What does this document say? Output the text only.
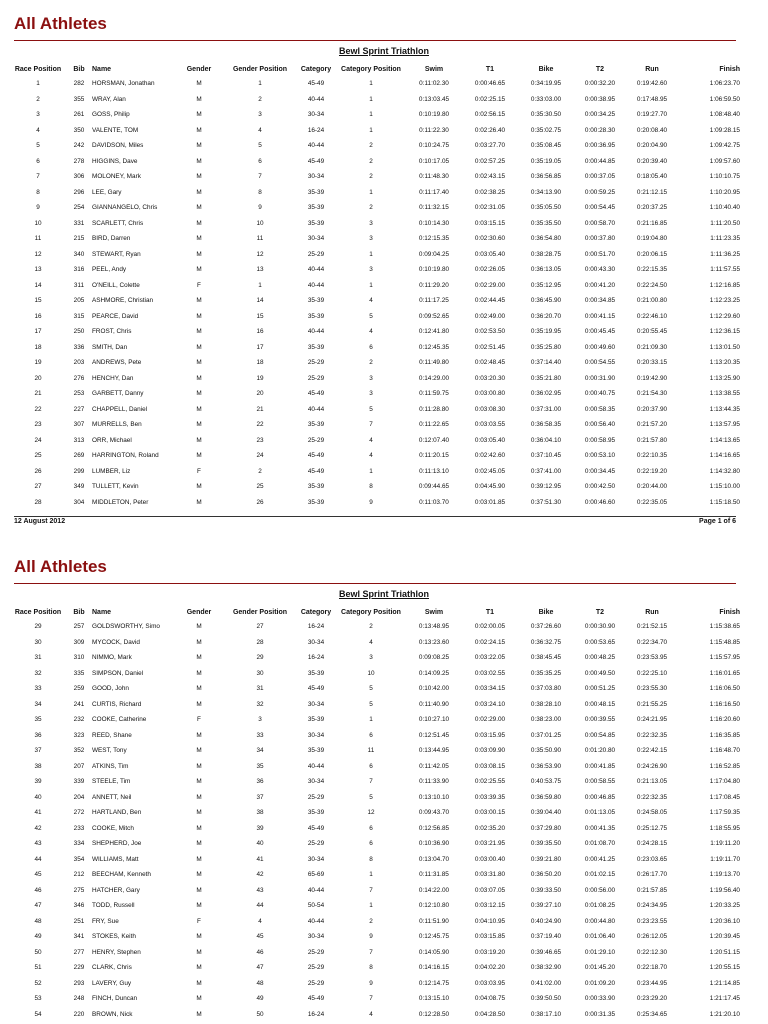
All Athletes
Bewl Sprint Triathlon
Race Position	Bib	Name	Gender	Gender Position	Category	Category Position	Swim	T1	Bike	T2	Run	Finish
1	282	HORSMAN, Jonathan	M	1	45-49	1	0:11:02.30	0:00:46.65	0:34:19.95	0:00:32.20	0:19:42.60	1:06:23.70
2	355	WRAY, Alan	M	2	40-44	1	0:13:03.45	0:02:25.15	0:33:03.00	0:00:38.95	0:17:48.95	1:06:59.50
3	261	GOSS, Philip	M	3	30-34	1	0:10:19.80	0:02:56.15	0:35:30.50	0:00:34.25	0:19:27.70	1:08:48.40
4	350	VALENTE, TOM	M	4	16-24	1	0:11:22.30	0:02:26.40	0:35:02.75	0:00:28.30	0:20:08.40	1:09:28.15
5	242	DAVIDSON, Miles	M	5	40-44	2	0:10:24.75	0:03:27.70	0:35:08.45	0:00:36.95	0:20:04.90	1:09:42.75
6	278	HIGGINS, Dave	M	6	45-49	2	0:10:17.05	0:02:57.25	0:35:19.05	0:00:44.85	0:20:39.40	1:09:57.60
7	306	MOLONEY, Mark	M	7	30-34	2	0:11:48.30	0:02:43.15	0:36:56.85	0:00:37.05	0:18:05.40	1:10:10.75
8	296	LEE, Gary	M	8	35-39	1	0:11:17.40	0:02:38.25	0:34:13.90	0:00:59.25	0:21:12.15	1:10:20.95
9	254	GIANNANGELO, Chris	M	9	35-39	2	0:11:32.15	0:02:31.05	0:35:05.50	0:00:54.45	0:20:37.25	1:10:40.40
10	331	SCARLETT, Chris	M	10	35-39	3	0:10:14.30	0:03:15.15	0:35:35.50	0:00:58.70	0:21:16.85	1:11:20.50
11	215	BIRD, Darren	M	11	30-34	3	0:12:15.35	0:02:30.60	0:36:54.80	0:00:37.80	0:19:04.80	1:11:23.35
12	340	STEWART, Ryan	M	12	25-29	1	0:09:04.25	0:03:05.40	0:38:28.75	0:00:51.70	0:20:06.15	1:11:36.25
13	316	PEEL, Andy	M	13	40-44	3	0:10:19.80	0:02:26.05	0:36:13.05	0:00:43.30	0:22:15.35	1:11:57.55
14	311	O'NEILL, Colette	F	1	40-44	1	0:11:29.20	0:02:29.00	0:35:12.95	0:00:41.20	0:22:24.50	1:12:16.85
15	205	ASHMORE, Christian	M	14	35-39	4	0:11:17.25	0:02:44.45	0:36:45.90	0:00:34.85	0:21:00.80	1:12:23.25
16	315	PEARCE, David	M	15	35-39	5	0:09:52.65	0:02:49.00	0:36:20.70	0:00:41.15	0:22:46.10	1:12:29.60
17	250	FROST, Chris	M	16	40-44	4	0:12:41.80	0:02:53.50	0:35:19.95	0:00:45.45	0:20:55.45	1:12:36.15
18	336	SMITH, Dan	M	17	35-39	6	0:12:45.35	0:02:51.45	0:35:25.80	0:00:49.60	0:21:09.30	1:13:01.50
19	203	ANDREWS, Pete	M	18	25-29	2	0:11:49.80	0:02:48.45	0:37:14.40	0:00:54.55	0:20:33.15	1:13:20.35
20	276	HENCHY, Dan	M	19	25-29	3	0:14:29.00	0:03:20.30	0:35:21.80	0:00:31.90	0:19:42.90	1:13:25.90
21	253	GARBETT, Danny	M	20	45-49	3	0:11:59.75	0:03:00.80	0:36:02.95	0:00:40.75	0:21:54.30	1:13:38.55
22	227	CHAPPELL, Daniel	M	21	40-44	5	0:11:28.80	0:03:08.30	0:37:31.00	0:00:58.35	0:20:37.90	1:13:44.35
23	307	MURRELLS, Ben	M	22	35-39	7	0:11:22.65	0:03:03.55	0:36:58.35	0:00:56.40	0:21:57.20	1:13:57.95
24	313	ORR, Michael	M	23	25-29	4	0:12:07.40	0:03:05.40	0:36:04.10	0:00:58.95	0:21:57.80	1:14:13.65
25	269	HARRINGTON, Roland	M	24	45-49	4	0:11:20.15	0:02:42.60	0:37:10.45	0:00:53.10	0:22:10.35	1:14:16.65
26	299	LUMBER, Liz	F	2	45-49	1	0:11:13.10	0:02:45.05	0:37:41.00	0:00:34.45	0:22:19.20	1:14:32.80
27	349	TULLETT, Kevin	M	25	35-39	8	0:09:44.65	0:04:45.90	0:39:12.95	0:00:42.50	0:20:44.00	1:15:10.00
28	304	MIDDLETON, Peter	M	26	35-39	9	0:11:03.70	0:03:01.85	0:37:51.30	0:00:46.60	0:22:35.05	1:15:18.50
12 August 2012	Page 1 of 6
All Athletes
Bewl Sprint Triathlon
Race Position	Bib	Name	Gender	Gender Position	Category	Category Position	Swim	T1	Bike	T2	Run	Finish
29	257	GOLDSWORTHY, Simo	M	27	16-24	2	0:13:48.95	0:02:00.05	0:37:26.60	0:00:30.90	0:21:52.15	1:15:38.65
30	309	MYCOCK, David	M	28	30-34	4	0:13:23.60	0:02:24.15	0:36:32.75	0:00:53.65	0:22:34.70	1:15:48.85
31	310	NIMMO, Mark	M	29	16-24	3	0:09:08.25	0:03:22.05	0:38:45.45	0:00:48.25	0:23:53.95	1:15:57.95
32	335	SIMPSON, Daniel	M	30	35-39	10	0:14:09.25	0:03:02.55	0:35:35.25	0:00:49.50	0:22:25.10	1:16:01.65
33	259	GOOD, John	M	31	45-49	5	0:10:42.00	0:03:34.15	0:37:03.80	0:00:51.25	0:23:55.30	1:16:06.50
34	241	CURTIS, Richard	M	32	30-34	5	0:11:40.90	0:03:24.10	0:38:28.10	0:00:48.15	0:21:55.25	1:16:16.50
35	232	COOKE, Catherine	F	3	35-39	1	0:10:27.10	0:02:29.00	0:38:23.00	0:00:39.55	0:24:21.95	1:16:20.60
36	323	REED, Shane	M	33	30-34	6	0:12:51.45	0:03:15.95	0:37:01.25	0:00:54.85	0:22:32.35	1:16:35.85
37	352	WEST, Tony	M	34	35-39	11	0:13:44.95	0:03:09.90	0:35:50.90	0:01:20.80	0:22:42.15	1:16:48.70
38	207	ATKINS, Tim	M	35	40-44	6	0:11:42.05	0:03:08.15	0:36:53.90	0:00:41.85	0:24:26.90	1:16:52.85
39	339	STEELE, Tim	M	36	30-34	7	0:11:33.90	0:02:25.55	0:40:53.75	0:00:58.55	0:21:13.05	1:17:04.80
40	204	ANNETT, Neil	M	37	25-29	5	0:13:10.10	0:03:39.35	0:36:59.80	0:00:46.85	0:22:32.35	1:17:08.45
41	272	HARTLAND, Ben	M	38	35-39	12	0:09:43.70	0:03:00.15	0:39:04.40	0:01:13.05	0:24:58.05	1:17:59.35
42	233	COOKE, Mitch	M	39	45-49	6	0:12:56.85	0:02:35.20	0:37:29.80	0:00:41.35	0:25:12.75	1:18:55.95
43	334	SHEPHERD, Joe	M	40	25-29	6	0:10:36.90	0:03:21.95	0:39:35.50	0:01:08.70	0:24:28.15	1:19:11.20
44	354	WILLIAMS, Matt	M	41	30-34	8	0:13:04.70	0:03:00.40	0:39:21.80	0:00:41.25	0:23:03.65	1:19:11.70
45	212	BEECHAM, Kenneth	M	42	65-69	1	0:11:31.85	0:03:31.80	0:36:50.20	0:01:02.15	0:26:17.70	1:19:13.70
46	275	HATCHER, Gary	M	43	40-44	7	0:14:22.00	0:03:07.05	0:39:33.50	0:00:56.00	0:21:57.85	1:19:56.40
47	346	TODD, Russell	M	44	50-54	1	0:12:10.80	0:03:12.15	0:39:27.10	0:01:08.25	0:24:34.95	1:20:33.25
48	251	FRY, Sue	F	4	40-44	2	0:11:51.90	0:04:10.95	0:40:24.90	0:00:44.80	0:23:23.55	1:20:36.10
49	341	STOKES, Keith	M	45	30-34	9	0:12:45.75	0:03:15.85	0:37:19.40	0:01:06.40	0:26:12.05	1:20:39.45
50	277	HENRY, Stephen	M	46	25-29	7	0:14:05.90	0:03:19.20	0:39:46.65	0:01:29.10	0:22:12.30	1:20:51.15
51	229	CLARK, Chris	M	47	25-29	8	0:14:16.15	0:04:02.20	0:38:32.90	0:01:45.20	0:22:18.70	1:20:55.15
52	293	LAVERY, Guy	M	48	25-29	9	0:12:14.75	0:03:03.95	0:41:02.00	0:01:09.20	0:23:44.95	1:21:14.85
53	248	FINCH, Duncan	M	49	45-49	7	0:13:15.10	0:04:08.75	0:39:50.50	0:00:33.90	0:23:29.20	1:21:17.45
54	220	BROWN, Nick	M	50	16-24	4	0:12:28.50	0:04:28.50	0:38:17.10	0:00:31.35	0:25:34.65	1:21:20.10
